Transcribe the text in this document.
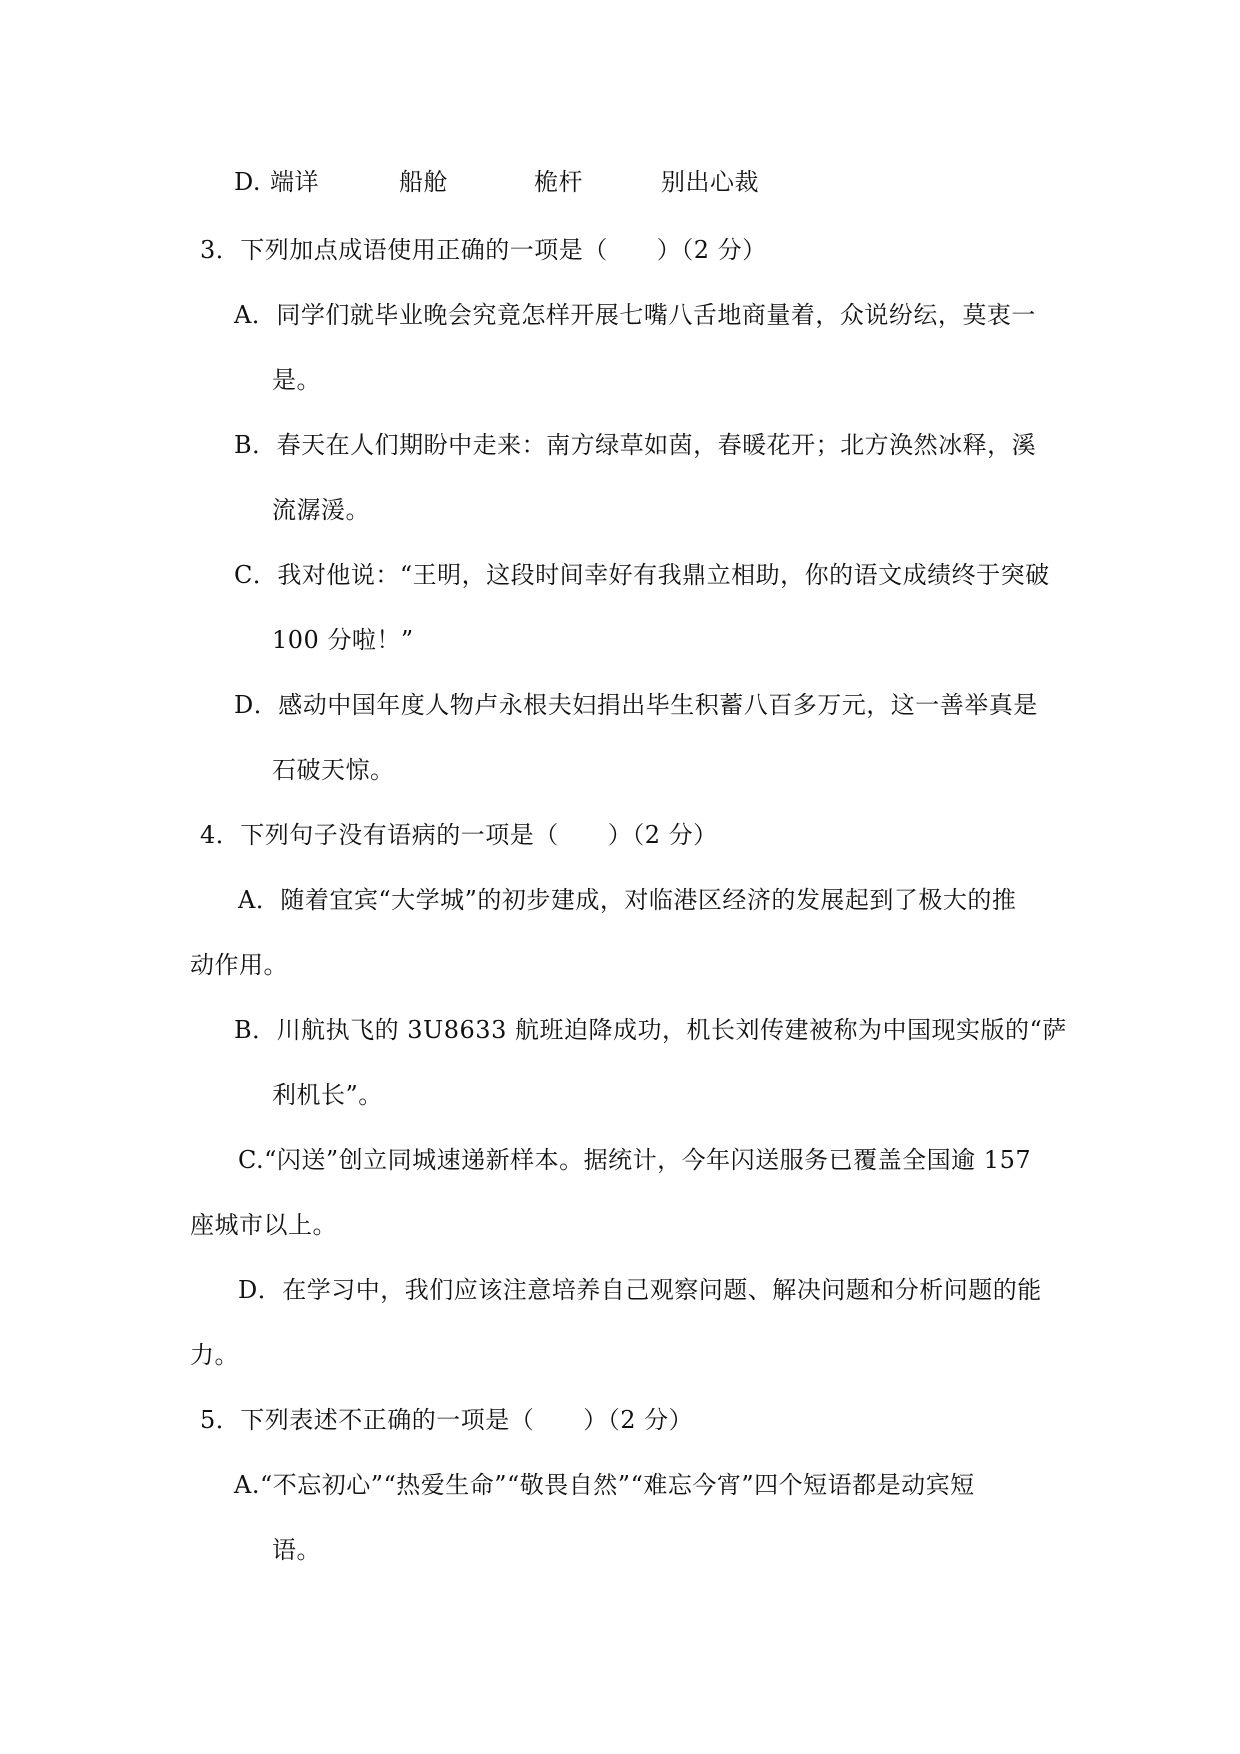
D. 端详	船舱	桅杆	别出心裁
3．下列加点成语使用正确的一项是（　　）（2 分）
A．同学们就毕业晚会究竟怎样开展七嘴八舌地商量着，众说纷纭，莫衷一
是。
B．春天在人们期盼中走来：南方绿草如茵，春暖花开；北方涣然冰释，溪
流潺湲。
C．我对他说：“王明，这段时间幸好有我鼎立相助，你的语文成绩终于突破
100 分啦！”
D．感动中国年度人物卢永根夫妇捐出毕生积蓄八百多万元，这一善举真是
石破天惊。
4．下列句子没有语病的一项是（　　）（2 分）
A．随着宜宾“大学城”的初步建成，对临港区经济的发展起到了极大的推
动作用。
B．川航执飞的 3U8633 航班迫降成功，机长刘传建被称为中国现实版的“萨
利机长”。
C.“闪送”创立同城速递新样本。据统计，今年闪送服务已覆盖全国逾 157
座城市以上。
D．在学习中，我们应该注意培养自己观察问题、解决问题和分析问题的能
力。
5．下列表述不正确的一项是（　　）（2 分）
A.“不忘初心”“热爱生命”“敬畏自然”“难忘今宵”四个短语都是动宾短
语。
